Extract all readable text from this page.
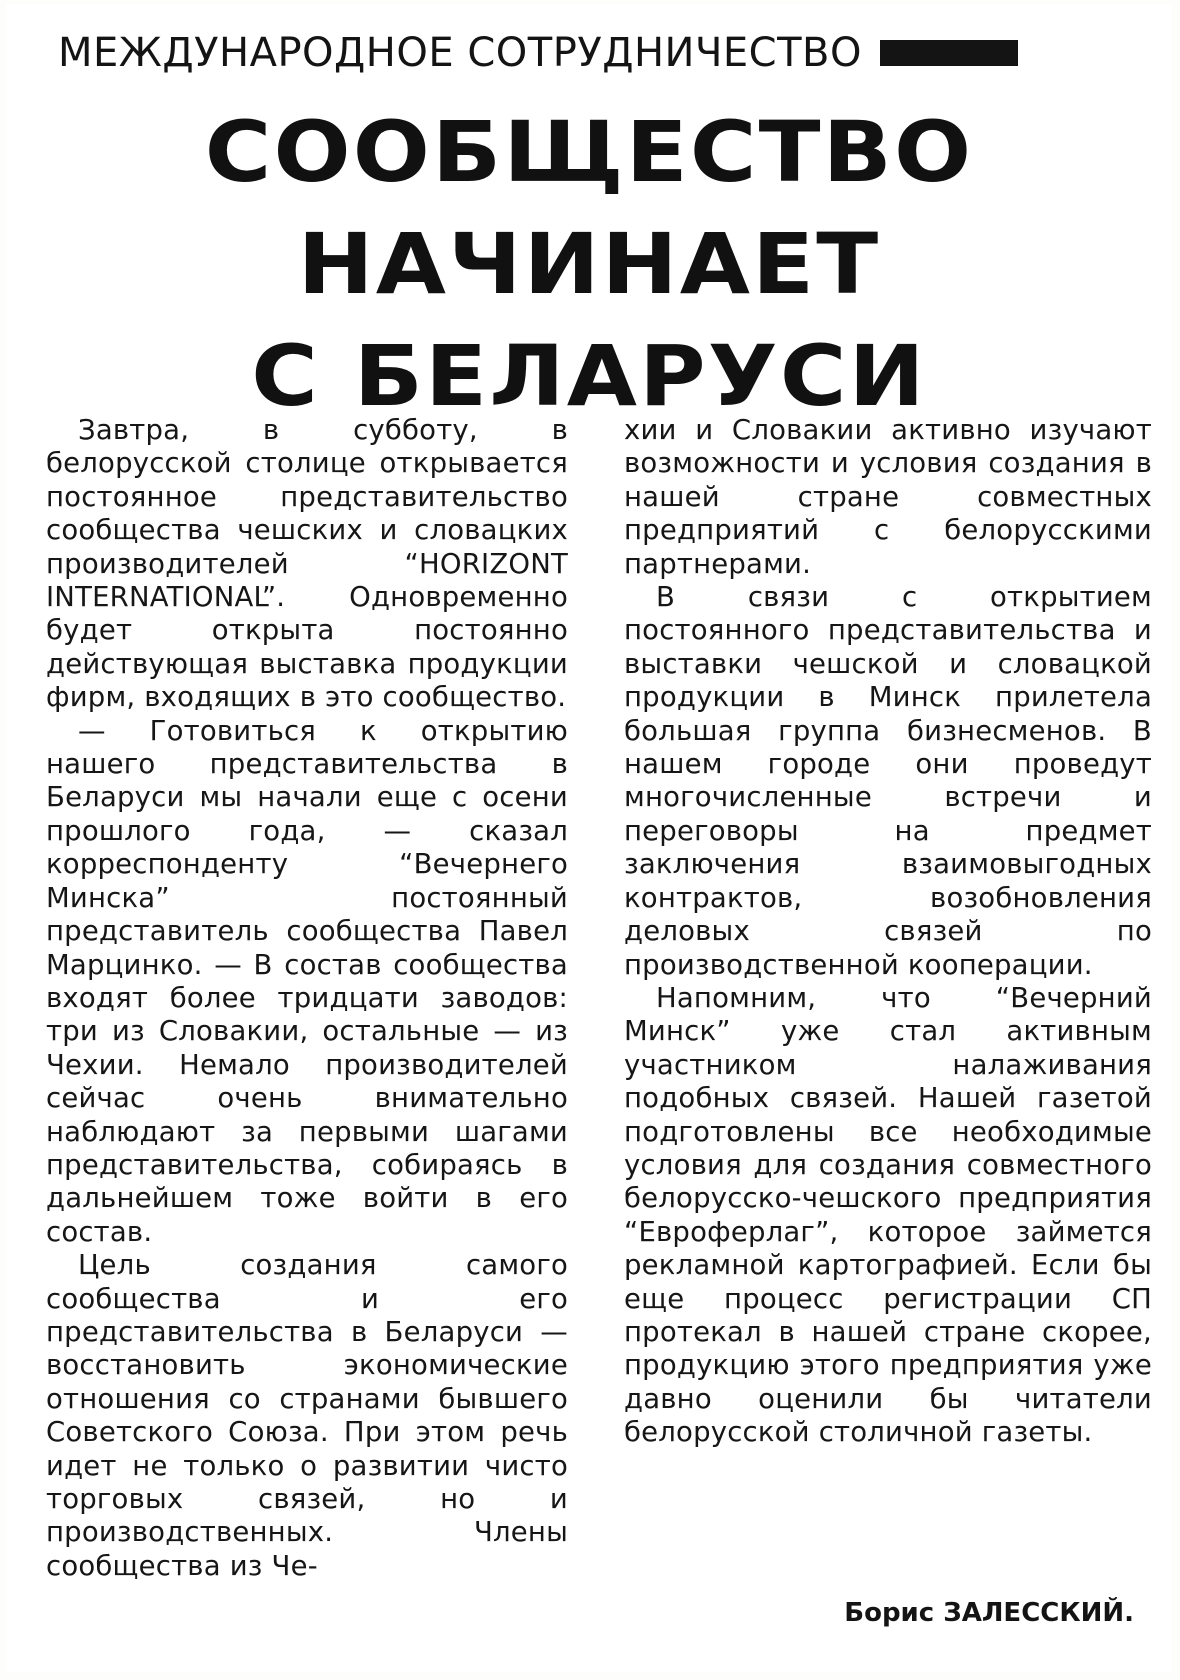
МЕЖДУНАРОДНОЕ СОТРУДНИЧЕСТВО
СООБЩЕСТВО
НАЧИНАЕТ
С БЕЛАРУСИ

Завтра, в субботу, в белорусской столице открывается постоянное представительство сообщества чешских и словацких производителей “HORIZONT INTERNATIONAL”. Одновременно будет открыта постоянно действующая выставка продукции фирм, входящих в это сообщество.

— Готовиться к открытию нашего представительства в Беларуси мы начали еще с осени прошлого года, — сказал корреспонденту “Вечернего Минска” постоянный представитель сообщества Павел Марцинко. — В состав сообщества входят более тридцати заводов: три из Словакии, остальные — из Чехии. Немало производителей сейчас очень внимательно наблюдают за первыми шагами представительства, собираясь в дальнейшем тоже войти в его состав.

Цель создания самого сообщества и его представительства в Беларуси — восстановить экономические отношения со странами бывшего Советского Союза. При этом речь идет не только о развитии чисто торговых связей, но и производственных. Члены сообщества из Че-

хии и Словакии активно изучают возможности и условия создания в нашей стране совместных предприятий с белорусскими партнерами.

В связи с открытием постоянного представительства и выставки чешской и словацкой продукции в Минск прилетела большая группа бизнесменов. В нашем городе они проведут многочисленные встречи и переговоры на предмет заключения взаимовыгодных контрактов, возобновления деловых связей по производственной кооперации.

Напомним, что “Вечерний Минск” уже стал активным участником налаживания подобных связей. Нашей газетой подготовлены все необходимые условия для создания совместного белорусско-чешского предприятия “Евроферлаг”, которое займется рекламной картографией. Если бы еще процесс регистрации СП протекал в нашей стране скорее, продукцию этого предприятия уже давно оценили бы читатели белорусской столичной газеты.

Борис ЗАЛЕССКИЙ.
